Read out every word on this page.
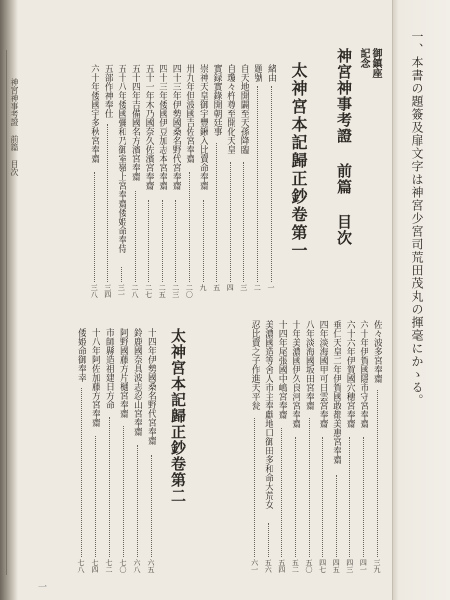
一、本書の題簽及扉文字は神宮少宮司荒田茂丸の揮毫にかゝる。
御鎮座
記念
神宮神事考證 前篇 目次
太神宮本記歸正鈔卷第一
太神宮本記歸正鈔卷第二
神宮神事考證 前篇 目次
一
緒由
一
題號
二
自天地開闢至天孫降臨
三
自瓊々杵尊至開化天皇
四
實録實錄開朝廷事
五
崇神天皇御宇豐鍬入比賣命奉齋
九
卅九年但波國吉佐宮奉齋
二〇
四十三年伊勢國桑名野代宮奉齋
二三
四十三年倭國伊豆加志本宮奉齋
二五
五十一年木乃國奈久佐濱宮奉齋
二七
五十四年吉備國名方濱宮奉齋
二八
五十八年倭國彌和乃御室嶺上宮奉齋倭姫命奉侍
三一
五部作神奉仕
三四
六十年倭國宇多秋宮奉齋
三八
佐々波多宮奉齋
三九
六十年伊賀國隱市守宮奉齋
四一
六十六年伊賀國穴穗宮奉齋
四三
垂仁天皇二年伊賀國敢都美惠宮奉齋
四五
四年淡海國甲可日雲宮奉齋
四七
八年淡海國坂田宮奉齋
五〇
十年美濃國伊久良河宮奉齋
五二
十四年尾張國中嶋宮奉齋
五四
美濃國造等舍人市主奉獻地口御田多和命大荒女
五六
忍比賣之子作進天平瓮
六一
十四年伊勢國桑名野代宮奉齋
六五
鈴鹿國奈具波志忍山宮奉齋
六八
阿野國藤方片樋宮奉齋
七〇
市師縣造祖建日方命
七二
十八年阿佐加藤方宮奉齋
七四
倭姫命御奉幸
七八
